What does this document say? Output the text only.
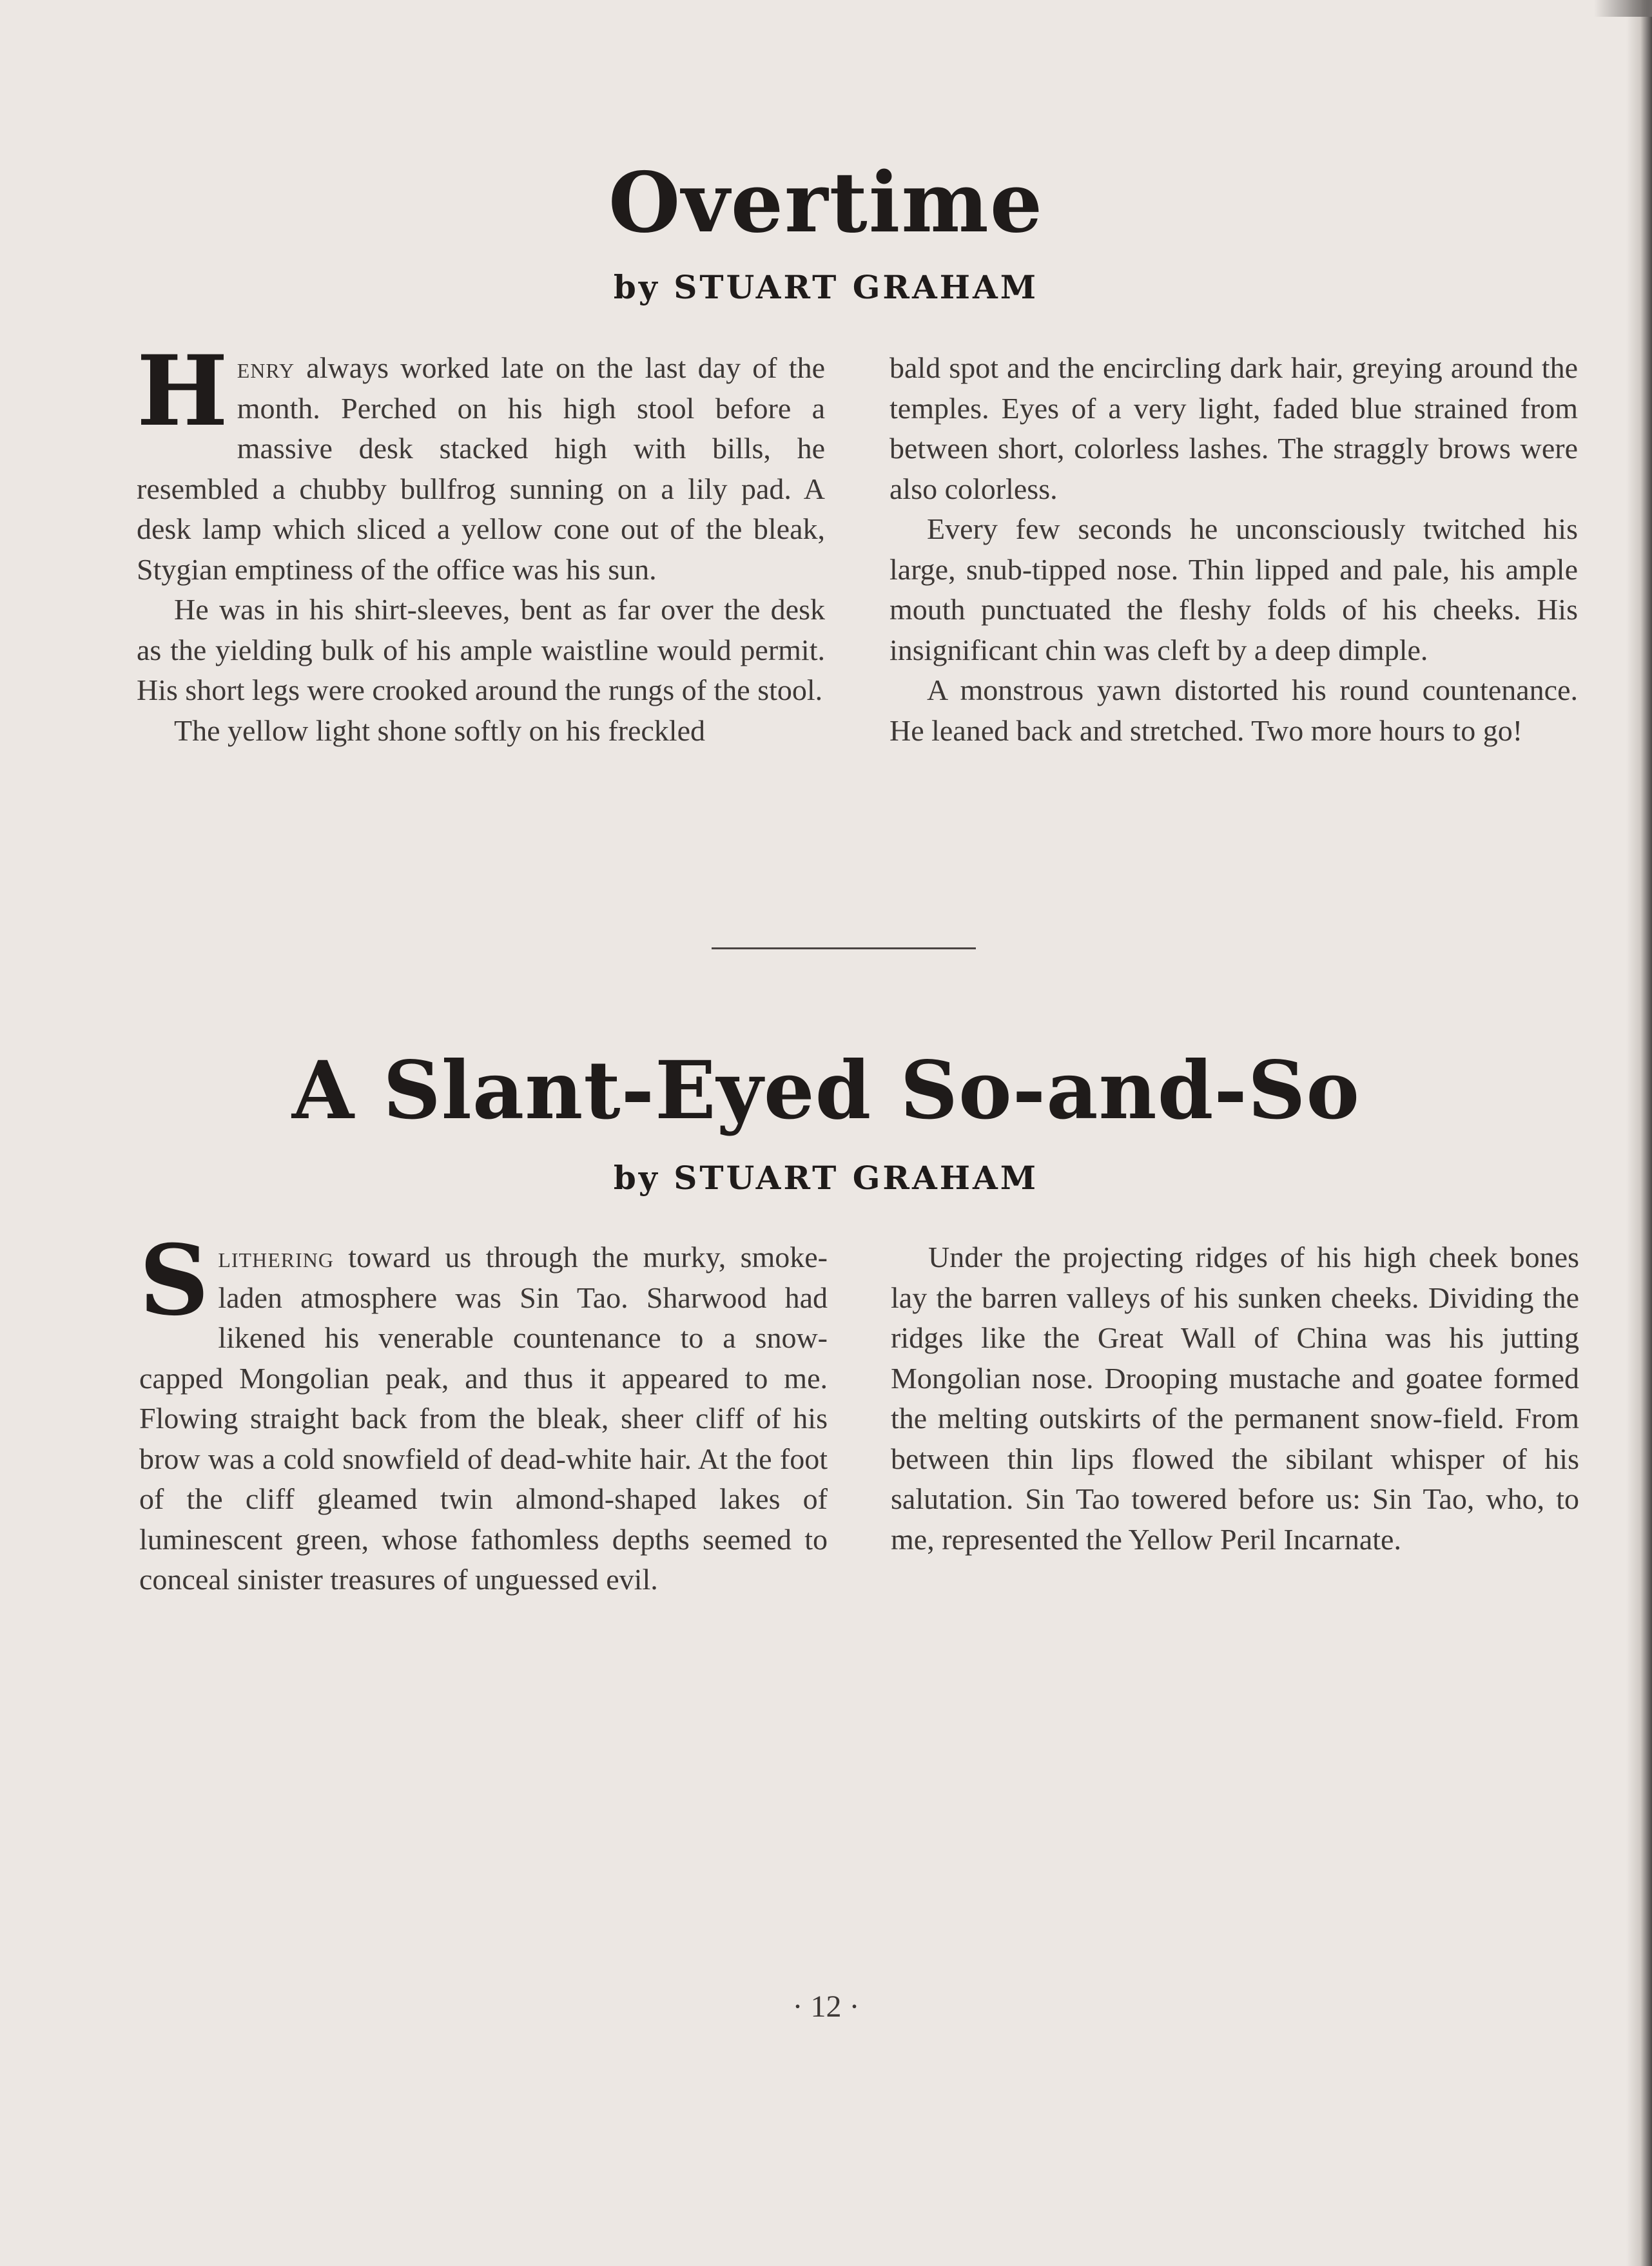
Overtime
by STUART GRAHAM

Henry always worked late on the last day of the month. Perched on his high stool before a massive desk stacked high with bills, he resembled a chubby bullfrog sunning on a lily pad. A desk lamp which sliced a yellow cone out of the bleak, Stygian emptiness of the office was his sun.

He was in his shirt-sleeves, bent as far over the desk as the yielding bulk of his ample waistline would permit. His short legs were crooked around the rungs of the stool.

The yellow light shone softly on his freckled

bald spot and the encircling dark hair, greying around the temples. Eyes of a very light, faded blue strained from between short, colorless lashes. The straggly brows were also colorless.

Every few seconds he unconsciously twitched his large, snub-tipped nose. Thin lipped and pale, his ample mouth punctuated the fleshy folds of his cheeks. His insignificant chin was cleft by a deep dimple.

A monstrous yawn distorted his round countenance. He leaned back and stretched. Two more hours to go!

A Slant-Eyed So-and-So
by STUART GRAHAM

Slithering toward us through the murky, smoke-laden atmosphere was Sin Tao. Sharwood had likened his venerable countenance to a snow-capped Mongolian peak, and thus it appeared to me. Flowing straight back from the bleak, sheer cliff of his brow was a cold snowfield of dead-white hair. At the foot of the cliff gleamed twin almond-shaped lakes of luminescent green, whose fathomless depths seemed to conceal sinister treasures of unguessed evil.

Under the projecting ridges of his high cheek bones lay the barren valleys of his sunken cheeks. Dividing the ridges like the Great Wall of China was his jutting Mongolian nose. Drooping mustache and goatee formed the melting outskirts of the permanent snow-field. From between thin lips flowed the sibilant whisper of his salutation. Sin Tao towered before us: Sin Tao, who, to me, represented the Yellow Peril Incarnate.

· 12 ·
